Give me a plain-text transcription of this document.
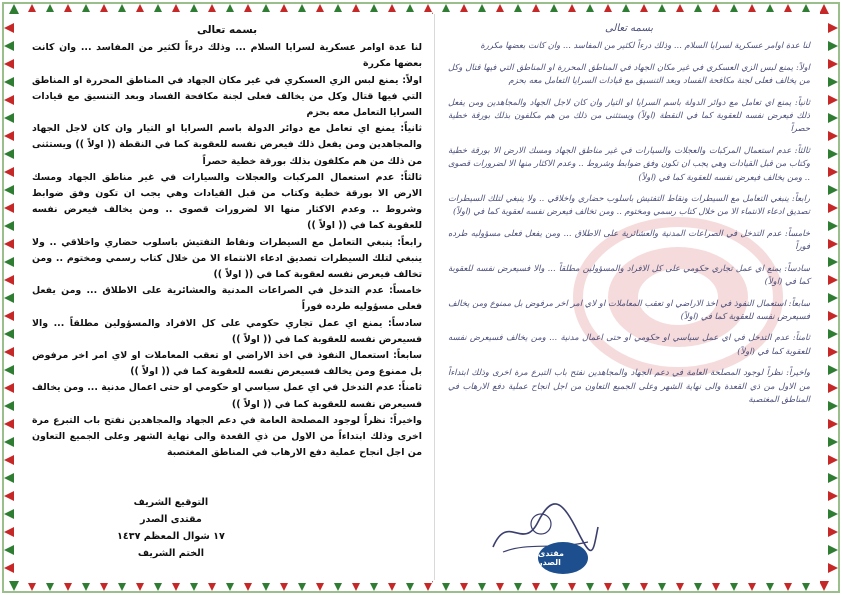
بسمه تعالى

لنا عدة اوامر عسكرية لسرايا السلام ... وذلك درءاً لكثير من المفاسد ... وان كانت بعضها مكررة

اولاً: يمنع لبس الزي العسكري في غير مكان الجهاد في المناطق المحررة او المناطق التي فيها قتال وكل من يخالف فعلى لجنة مكافحة الفساد وبعد التنسيق مع قيادات السرايا التعامل معه بحزم

ثانياً: يمنع اي تعامل مع دوائر الدولة باسم السرايا او التيار وان كان لاجل الجهاد والمجاهدين ومن يفعل ذلك فيعرض نفسه للعقوبة كما في النقطة (( اولاً )) ويستثنى من ذلك من هم مكلفون بذلك بورقة خطية حصراً

ثالثاً: عدم استعمال المركبات والعجلات والسيارات في غير مناطق الجهاد ومسك الارض الا بورقة خطية وكتاب من قبل القيادات وهي يجب ان تكون وفق ضوابط وشروط .. وعدم الاكثار منها الا لضرورات قصوى .. ومن يخالف فيعرض نفسه للعقوبة كما في (( اولاً ))

رابعاً: ينبغي التعامل مع السيطرات ونقاط التفتيش باسلوب حضاري واخلاقي .. ولا ينبغي لتلك السيطرات تصديق ادعاء الانتماء الا من خلال كتاب رسمي ومختوم .. ومن تخالف فيعرض نفسه لعقوبة كما في (( اولاً ))

خامساً: عدم التدخل في الصراعات المدنية والعشائرية على الاطلاق ... ومن يفعل فعلى مسؤوليه طرده فوراً

سادساً: يمنع اي عمل تجاري حكومي على كل الافراد والمسؤولين مطلقاً ... والا فسيعرض نفسه للعقوبة كما في (( اولاً ))

سابعاً: استعمال النفوذ في اخذ الاراضي او تعقب المعاملات او لاي امر اخر مرفوض بل ممنوع ومن يخالف فسيعرض نفسه للعقوبة كما في (( اولاً ))

ثامناً: عدم التدخل في اي عمل سياسي او حكومي او حتى اعمال مدنية ... ومن يخالف فسيعرض نفسه للعقوبة كما في (( اولاً ))

واخيراً: نظراً لوجود المصلحة العامة في دعم الجهاد والمجاهدين نفتح باب التبرع مرة اخرى وذلك ابتداءاً من الاول من ذي القعدة والى نهاية الشهر وعلى الجميع التعاون من اجل انجاح عملية دفع الارهاب في المناطق المغتصبة

التوقيع الشريف
مقتدى الصدر
١٧ شوال المعظم ١٤٣٧
الختم الشريف
بسمه تعالى

لنا عدة اوامر عسكرية لسرايا السلام ... وذلك درءاً لكثير من المفاسد ... وان كانت بعضها مكررة

اولاً: يمنع لبس الزي العسكري في غير مكان الجهاد في المناطق المحررة او المناطق التي فيها قتال وكل من يخالف فعلى لجنة مكافحة الفساد وبعد التنسيق مع قيادات السرايا التعامل معه بحزم

ثانياً: يمنع اي تعامل مع دوائر الدولة باسم السرايا او التيار وان كان لاجل الجهاد والمجاهدين ومن يفعل ذلك فيعرض نفسه للعقوبة كما في النقطة (اولاً) ويستثنى من ذلك من هم مكلفون بذلك بورقة خطية حصراً

ثالثاً: عدم استعمال المركبات والعجلات والسيارات في غير مناطق الجهاد ومسك الارض الا بورقة خطية وكتاب من قبل القيادات وهي يجب ان تكون وفق ضوابط وشروط .. وعدم الاكثار منها الا لضرورات قصوى .. ومن يخالف فيعرض نفسه للعقوبة كما في (اولاً)

رابعاً: ينبغي التعامل مع السيطرات ونقاط التفتيش باسلوب حضاري واخلاقي .. ولا ينبغي لتلك السيطرات تصديق ادعاء الانتماء الا من خلال كتاب رسمي ومختوم .. ومن تخالف فيعرض نفسه لعقوبة كما في (اولاً)

خامساً: عدم التدخل في الصراعات المدنية والعشائرية على الاطلاق ... ومن يفعل فعلى مسؤوليه طرده فوراً

سادساً: يمنع اي عمل تجاري حكومي على كل الافراد والمسؤولين مطلقاً ... والا فسيعرض نفسه للعقوبة كما في (اولاً)

سابعاً: استعمال النفوذ في اخذ الاراضي او تعقب المعاملات او لاي امر اخر مرفوض بل ممنوع ومن يخالف فسيعرض نفسه للعقوبة كما في (اولاً)

ثامناً: عدم التدخل في اي عمل سياسي او حكومي او حتى اعمال مدنية ... ومن يخالف فسيعرض نفسه للعقوبة كما في (اولاً)

واخيراً: نظراً لوجود المصلحة العامة في دعم الجهاد والمجاهدين نفتح باب التبرع مرة اخرى وذلك ابتداءاً من الاول من ذي القعدة والى نهاية الشهر وعلى الجميع التعاون من اجل انجاح عملية دفع الارهاب في المناطق المغتصبة

مقتدى الصدر
